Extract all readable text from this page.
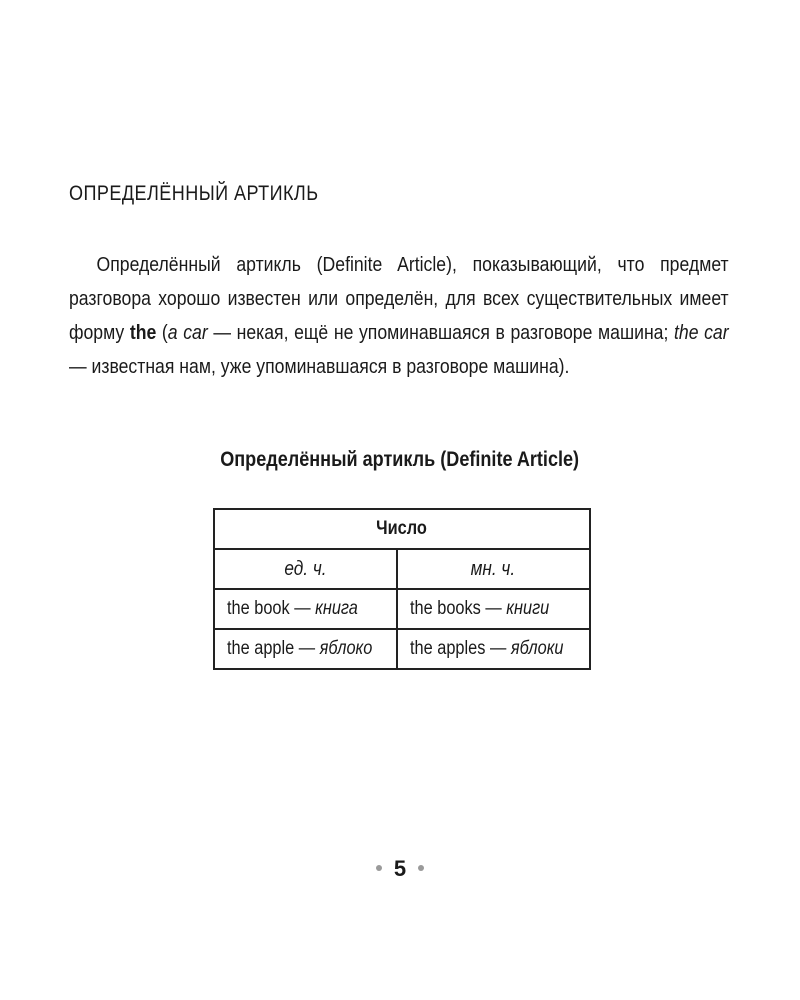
ОПРЕДЕЛЁННЫЙ АРТИКЛЬ

Определённый артикль (Definite Article), показывающий, что предмет разговора хорошо известен или определён, для всех существительных имеет форму the (a car — некая, ещё не упоминавшаяся в разговоре машина; the car — известная нам, уже упоминавшаяся в разговоре машина).

Определённый артикль (Definite Article)
Число	
ед. ч.	мн. ч.
the book — книга	the books — книги
the apple — яблоко	the apples — яблоки
5
